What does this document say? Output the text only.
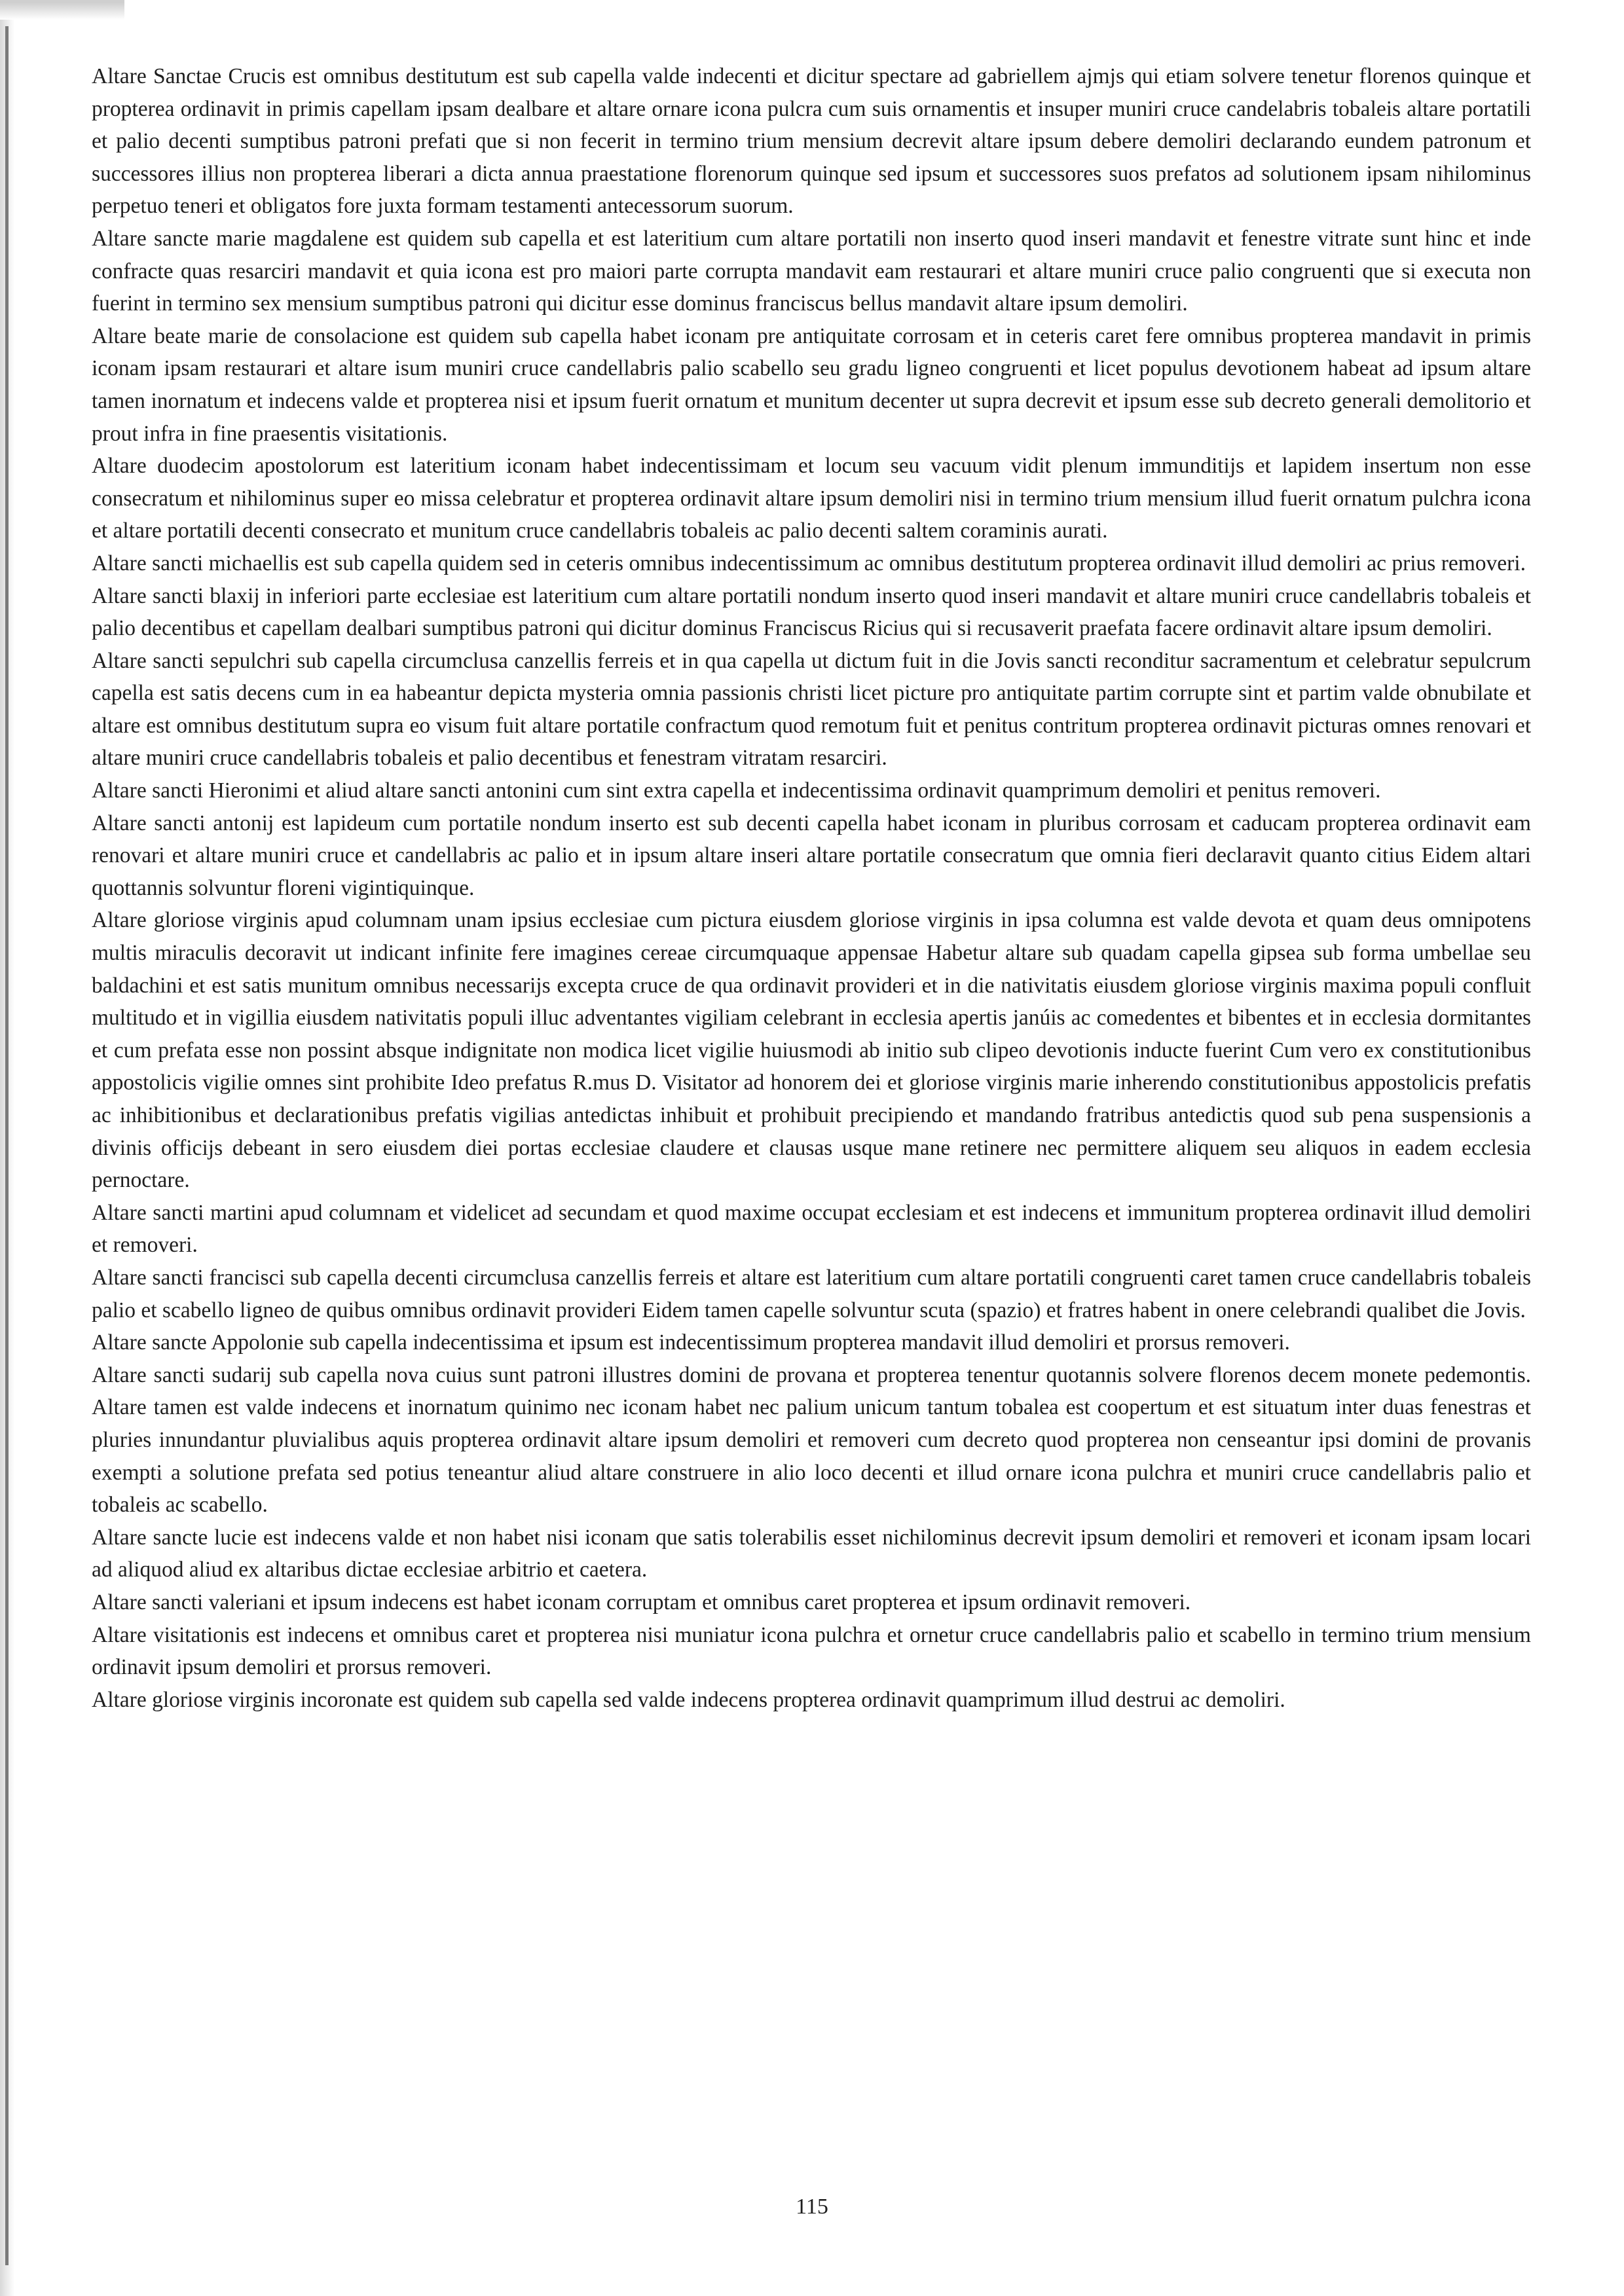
Altare Sanctae Crucis est omnibus destitutum est sub capella valde indecenti et dicitur spectare ad gabriellem ajmjs qui etiam solvere tenetur florenos quinque et propterea ordinavit in primis capellam ipsam dealbare et altare ornare icona pulcra cum suis ornamentis et insuper muniri cruce candelabris tobaleis altare portatili et palio decenti sumptibus patroni prefati que si non fecerit in termino trium mensium decrevit altare ipsum debere demoliri declarando eundem patronum et successores illius non propterea liberari a dicta annua praestatione florenorum quinque sed ipsum et successores suos prefatos ad solutionem ipsam nihilominus perpetuo teneri et obligatos fore juxta formam testamenti antecessorum suorum.

Altare sancte marie magdalene est quidem sub capella et est lateritium cum altare portatili non inserto quod inseri mandavit et fenestre vitrate sunt hinc et inde confracte quas resarciri mandavit et quia icona est pro maiori parte corrupta mandavit eam restaurari et altare muniri cruce palio congruenti que si executa non fuerint in termino sex mensium sumptibus patroni qui dicitur esse dominus franciscus bellus mandavit altare ipsum demoliri.

Altare beate marie de consolacione est quidem sub capella habet iconam pre antiquitate corrosam et in ceteris caret fere omnibus propterea mandavit in primis iconam ipsam restaurari et altare isum muniri cruce candellabris palio scabello seu gradu ligneo congruenti et licet populus devotionem habeat ad ipsum altare tamen inornatum et indecens valde et propterea nisi et ipsum fuerit ornatum et munitum decenter ut supra decrevit et ipsum esse sub decreto generali demolitorio et prout infra in fine praesentis visitationis.

Altare duodecim apostolorum est lateritium iconam habet indecentissimam et locum seu vacuum vidit plenum immunditijs et lapidem insertum non esse consecratum et nihilominus super eo missa celebratur et propterea ordinavit altare ipsum demoliri nisi in termino trium mensium illud fuerit ornatum pulchra icona et altare portatili decenti consecrato et munitum cruce candellabris tobaleis ac palio decenti saltem coraminis aurati.

Altare sancti michaellis est sub capella quidem sed in ceteris omnibus indecentissimum ac omnibus destitutum propterea ordinavit illud demoliri ac prius removeri.

Altare sancti blaxij in inferiori parte ecclesiae est lateritium cum altare portatili nondum inserto quod inseri mandavit et altare muniri cruce candellabris tobaleis et palio decentibus et capellam dealbari sumptibus patroni qui dicitur dominus Franciscus Ricius qui si recusaverit praefata facere ordinavit altare ipsum demoliri.

Altare sancti sepulchri sub capella circumclusa canzellis ferreis et in qua capella ut dictum fuit in die Jovis sancti reconditur sacramentum et celebratur sepulcrum capella est satis decens cum in ea habeantur depicta mysteria omnia passionis christi licet picture pro antiquitate partim corrupte sint et partim valde obnubilate et altare est omnibus destitutum supra eo visum fuit altare portatile confractum quod remotum fuit et penitus contritum propterea ordinavit picturas omnes renovari et altare muniri cruce candellabris tobaleis et palio decentibus et fenestram vitratam resarciri.

Altare sancti Hieronimi et aliud altare sancti antonini cum sint extra capella et indecentissima ordinavit quamprimum demoliri et penitus removeri.

Altare sancti antonij est lapideum cum portatile nondum inserto est sub decenti capella habet iconam in pluribus corrosam et caducam propterea ordinavit eam renovari et altare muniri cruce et candellabris ac palio et in ipsum altare inseri altare portatile consecratum que omnia fieri declaravit quanto citius Eidem altari quottannis solvuntur floreni vigintiquinque.

Altare gloriose virginis apud columnam unam ipsius ecclesiae cum pictura eiusdem gloriose virginis in ipsa columna est valde devota et quam deus omnipotens multis miraculis decoravit ut indicant infinite fere imagines cereae circumquaque appensae Habetur altare sub quadam capella gipsea sub forma umbellae seu baldachini et est satis munitum omnibus necessarijs excepta cruce de qua ordinavit provideri et in die nativitatis eiusdem gloriose virginis maxima populi confluit multitudo et in vigillia eiusdem nativitatis populi illuc adventantes vigiliam celebrant in ecclesia apertis janúis ac comedentes et bibentes et in ecclesia dormitantes et cum prefata esse non possint absque indignitate non modica licet vigilie huiusmodi ab initio sub clipeo devotionis inducte fuerint Cum vero ex constitutionibus appostolicis vigilie omnes sint prohibite Ideo prefatus R.mus D. Visitator ad honorem dei et gloriose virginis marie inherendo constitutionibus appostolicis prefatis ac inhibitionibus et declarationibus prefatis vigilias antedictas inhibuit et prohibuit precipiendo et mandando fratribus antedictis quod sub pena suspensionis a divinis officijs debeant in sero eiusdem diei portas ecclesiae claudere et clausas usque mane retinere nec permittere aliquem seu aliquos in eadem ecclesia pernoctare.

Altare sancti martini apud columnam et videlicet ad secundam et quod maxime occupat ecclesiam et est indecens et immunitum propterea ordinavit illud demoliri et removeri.

Altare sancti francisci sub capella decenti circumclusa canzellis ferreis et altare est lateritium cum altare portatili congruenti caret tamen cruce candellabris tobaleis palio et scabello ligneo de quibus omnibus ordinavit provideri Eidem tamen capelle solvuntur scuta (spazio) et fratres habent in onere celebrandi qualibet die Jovis.

Altare sancte Appolonie sub capella indecentissima et ipsum est indecentissimum propterea mandavit illud demoliri et prorsus removeri.

Altare sancti sudarij sub capella nova cuius sunt patroni illustres domini de provana et propterea tenentur quotannis solvere florenos decem monete pedemontis. Altare tamen est valde indecens et inornatum quinimo nec iconam habet nec palium unicum tantum tobalea est coopertum et est situatum inter duas fenestras et pluries innundantur pluvialibus aquis propterea ordinavit altare ipsum demoliri et removeri cum decreto quod propterea non censeantur ipsi domini de provanis exempti a solutione prefata sed potius teneantur aliud altare construere in alio loco decenti et illud ornare icona pulchra et muniri cruce candellabris palio et tobaleis ac scabello.

Altare sancte lucie est indecens valde et non habet nisi iconam que satis tolerabilis esset nichilominus decrevit ipsum demoliri et removeri et iconam ipsam locari ad aliquod aliud ex altaribus dictae ecclesiae arbitrio et caetera.

Altare sancti valeriani et ipsum indecens est habet iconam corruptam et omnibus caret propterea et ipsum ordinavit removeri.

Altare visitationis est indecens et omnibus caret et propterea nisi muniatur icona pulchra et ornetur cruce candellabris palio et scabello in termino trium mensium ordinavit ipsum demoliri et prorsus removeri.

Altare gloriose virginis incoronate est quidem sub capella sed valde indecens propterea ordinavit quamprimum illud destrui ac demoliri.

115
